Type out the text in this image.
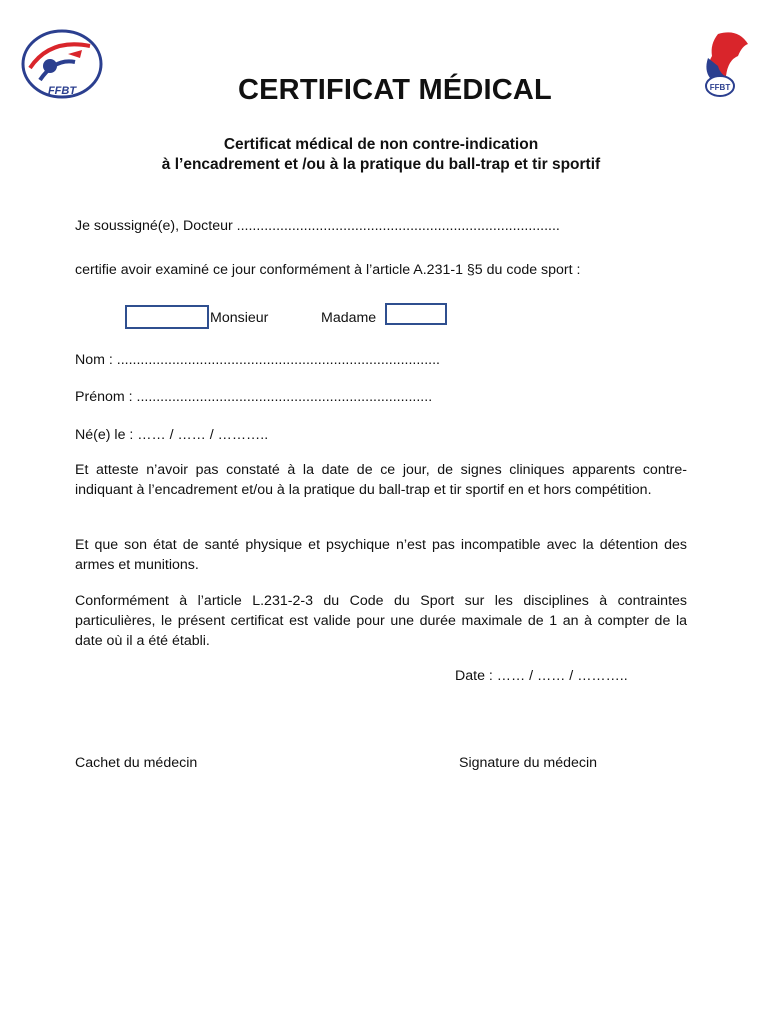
FFBT	FFBT
CERTIFICAT MÉDICAL
Certificat médical de non contre-indication
à l’encadrement et /ou à la pratique du ball-trap et tir sportif
Je soussigné(e), Docteur ..................................................................................
certifie avoir examiné ce jour conformément à l’article A.231-1 §5 du code sport :
Monsieur	Madame
Nom : ..................................................................................
Prénom : ...........................................................................
Né(e) le : …… / …… / ………..
Et atteste n’avoir pas constaté à la date de ce jour, de signes cliniques apparents contre-indiquant à l’encadrement et/ou à la pratique du ball-trap et tir sportif en et hors compétition.
Et que son état de santé physique et psychique n’est pas incompatible avec la détention des armes et munitions.
Conformément à l’article L.231-2-3 du Code du Sport sur les disciplines à contraintes particulières, le présent certificat est valide pour une durée maximale de 1 an à compter de la date où il a été établi.
Date : …… / …… / ………..
Cachet du médecin	Signature du médecin
